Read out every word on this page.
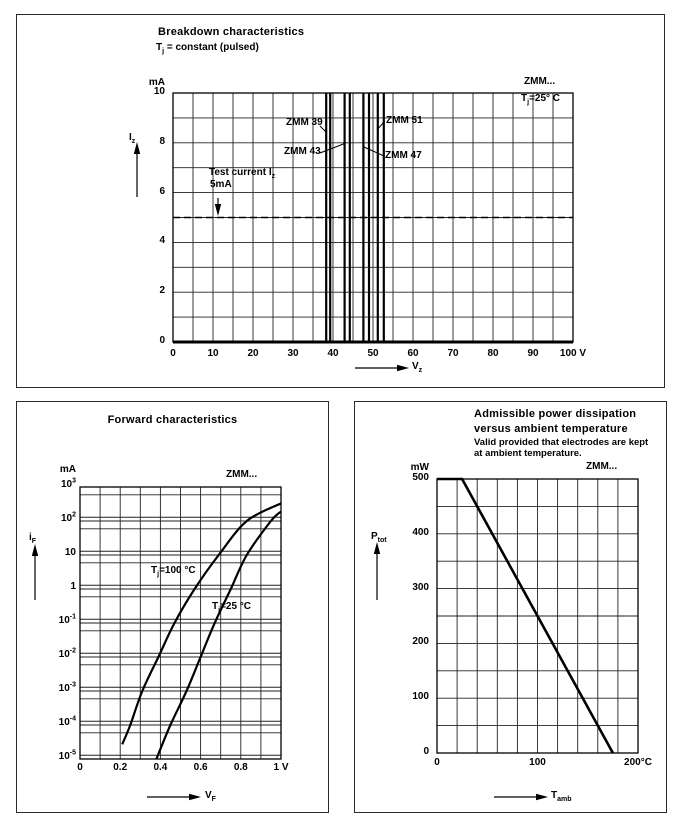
Breakdown characteristics
$T_j$ = constant (pulsed)
mA	ZMM...
$T_j=25^\circ$ C
Test current $I_z$
5mA
$I_z$
$V_z$
ZMM 39	ZMM 51
ZMM 43	ZMM 47
Forward characteristics
mA	ZMM...
$i_F$
$T_j=100$ °C
$T_j=25$ °C
$V_F$
Admissible power dissipation
versus ambient temperature
Valid provided that electrodes are kept
at ambient temperature.
ZMM...
mW
$P_{tot}$
$T_{amb}$
0	10	20	30	40	50	60	70	80	90	100 V
10
8
6
4
2
0
0	0.2	0.4	0.6	0.8	1 V
$10^3$
$10^2$
10
1
$10^{-1}$
$10^{-2}$
$10^{-3}$
$10^{-4}$
$10^{-5}$
0	100	200°C
500
400
300
200
100
0
